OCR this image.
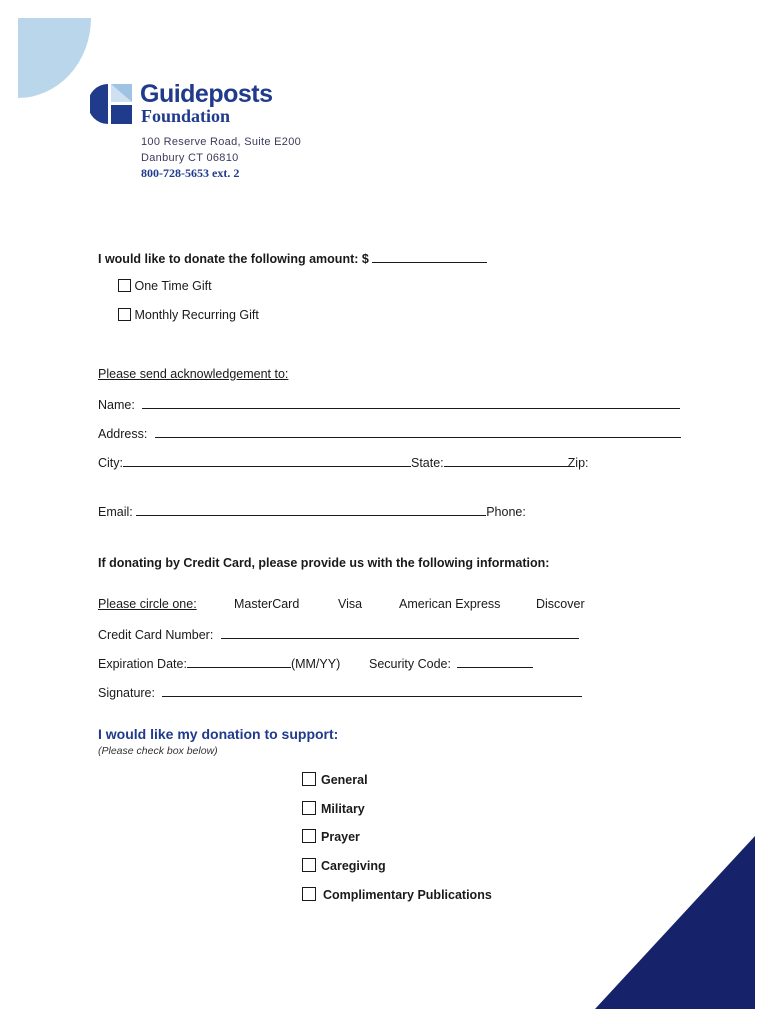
Guideposts
Foundation
100 Reserve Road, Suite E200
Danbury CT 06810
800-728-5653 ext. 2
I would like to donate the following amount: $
One Time Gift
Monthly Recurring Gift
Please send acknowledgement to:
Name:
Address:
City:	State:	Zip:
Email:	Phone:
If donating by Credit Card, please provide us with the following information:
Please circle one:	MasterCard	Visa	American Express	Discover
Credit Card Number:
Expiration Date:	(MM/YY) Security Code:
Signature:
I would like my donation to support:
(Please check box below)
General
Military
Prayer
Caregiving
Complimentary Publications
